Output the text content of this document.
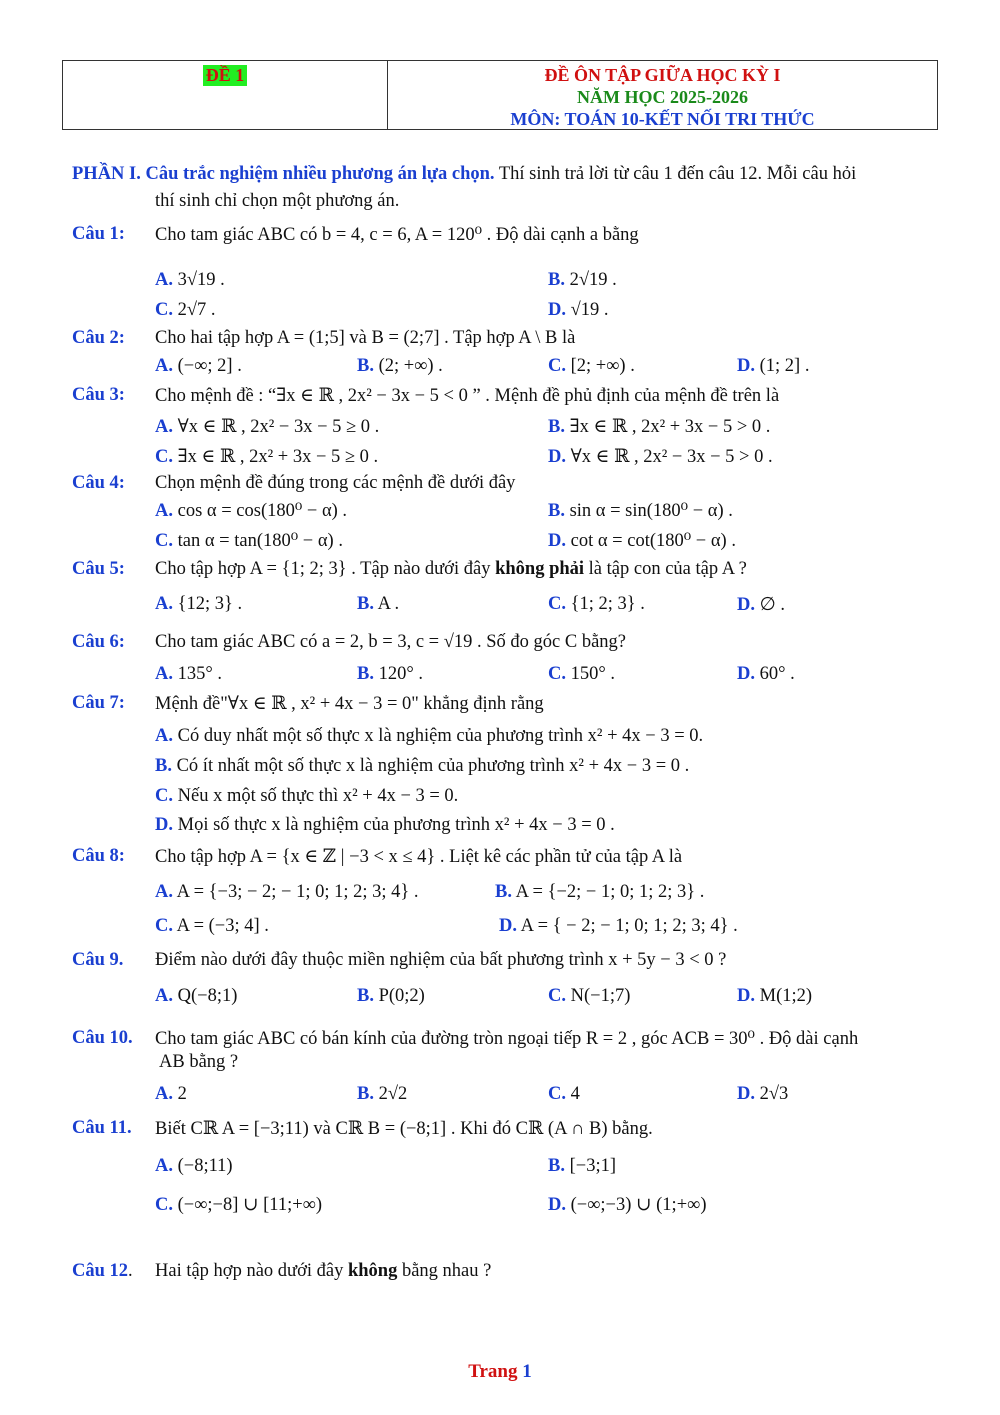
ĐỀ 1	ĐỀ ÔN TẬP GIỮA HỌC KỲ I
NĂM HỌC 2025-2026
MÔN: TOÁN 10-KẾT NỐI TRI THỨC
PHẦN I. Câu trắc nghiệm nhiều phương án lựa chọn. Thí sinh trả lời từ câu 1 đến câu 12. Mỗi câu hỏi
thí sinh chỉ chọn một phương án.
Câu 1: Cho tam giác ABC có b = 4, c = 6, A = 120⁰ . Độ dài cạnh a bằng
A. 3√19 .	B. 2√19 .
C. 2√7 .	D. √19 .
Câu 2: Cho hai tập hợp A = (1;5] và B = (2;7] . Tập hợp A \ B là
A. (−∞; 2] .	B. (2; +∞) .	C. [2; +∞) .	D. (1; 2] .
Câu 3: Cho mệnh đề : “∃x ∈ ℝ , 2x² − 3x − 5 < 0 ” . Mệnh đề phủ định của mệnh đề trên là
A. ∀x ∈ ℝ , 2x² − 3x − 5 ≥ 0 .	B. ∃x ∈ ℝ , 2x² + 3x − 5 > 0 .
C. ∃x ∈ ℝ , 2x² + 3x − 5 ≥ 0 .	D. ∀x ∈ ℝ , 2x² − 3x − 5 > 0 .
Câu 4: Chọn mệnh đề đúng trong các mệnh đề dưới đây
A. cos α = cos(180⁰ − α) .	B. sin α = sin(180⁰ − α) .
C. tan α = tan(180⁰ − α) .	D. cot α = cot(180⁰ − α) .
Câu 5: Cho tập hợp A = {1; 2; 3} . Tập nào dưới đây không phải là tập con của tập A ?
A. {12; 3} .	B. A .	C. {1; 2; 3} .	D. ∅ .
Câu 6: Cho tam giác ABC có a = 2, b = 3, c = √19 . Số đo góc C bằng?
A. 135° .	B. 120° .	C. 150° .	D. 60° .
Câu 7: Mệnh đề"∀x ∈ ℝ , x² + 4x − 3 = 0" khẳng định rằng
A. Có duy nhất một số thực x là nghiệm của phương trình x² + 4x − 3 = 0.
B. Có ít nhất một số thực x là nghiệm của phương trình x² + 4x − 3 = 0 .
C. Nếu x một số thực thì x² + 4x − 3 = 0.
D. Mọi số thực x là nghiệm của phương trình x² + 4x − 3 = 0 .
Câu 8: Cho tập hợp A = {x ∈ ℤ | −3 < x ≤ 4} . Liệt kê các phần tử của tập A là
A. A = {−3; − 2; − 1; 0; 1; 2; 3; 4} .	B. A = {−2; − 1; 0; 1; 2; 3} .
C. A = (−3; 4] .	D. A = { − 2; − 1; 0; 1; 2; 3; 4} .
Câu 9. Điểm nào dưới đây thuộc miền nghiệm của bất phương trình x + 5y − 3 < 0 ?
A. Q(−8;1)	B. P(0;2)	C. N(−1;7)	D. M(1;2)
Câu 10. Cho tam giác ABC có bán kính của đường tròn ngoại tiếp R = 2 , góc ACB = 30⁰ . Độ dài cạnh
AB bằng ?
A. 2	B. 2√2	C. 4	D. 2√3
Câu 11. Biết Cℝ A = [−3;11) và Cℝ B = (−8;1] . Khi đó Cℝ (A ∩ B) bằng.
A. (−8;11)	B. [−3;1]
C. (−∞;−8] ∪ [11;+∞)	D. (−∞;−3) ∪ (1;+∞)
Câu 12. Hai tập hợp nào dưới đây không bằng nhau ?
Trang 1
